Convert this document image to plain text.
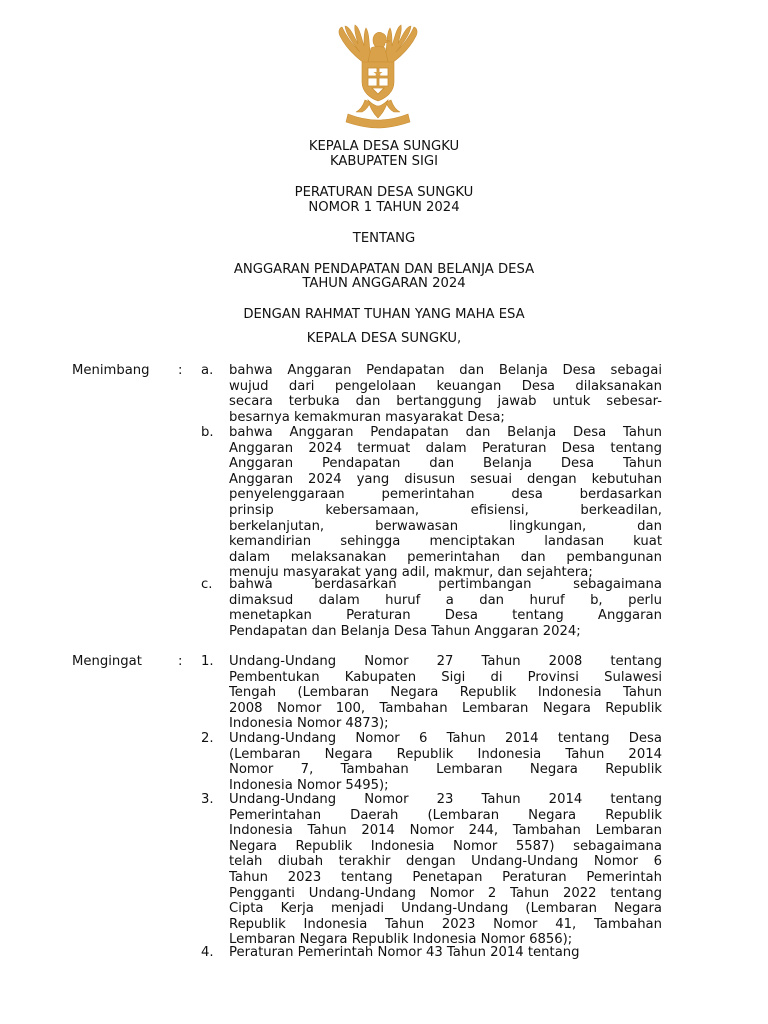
KEPALA DESA SUNGKU
KABUPATEN SIGI
PERATURAN DESA SUNGKU
NOMOR 1 TAHUN 2024
TENTANG
ANGGARAN PENDAPATAN DAN BELANJA DESA
TAHUN ANGGARAN 2024
DENGAN RAHMAT TUHAN YANG MAHA ESA
KEPALA DESA SUNGKU,
Menimbang : a. bahwa Anggaran Pendapatan dan Belanja Desa sebagai
wujud dari pengelolaan keuangan Desa dilaksanakan
secara terbuka dan bertanggung jawab untuk sebesar-
besarnya kemakmuran masyarakat Desa;
b. bahwa Anggaran Pendapatan dan Belanja Desa Tahun
Anggaran 2024 termuat dalam Peraturan Desa tentang
Anggaran Pendapatan dan Belanja Desa Tahun
Anggaran 2024 yang disusun sesuai dengan kebutuhan
penyelenggaraan pemerintahan desa berdasarkan
prinsip kebersamaan, efisiensi, berkeadilan,
berkelanjutan, berwawasan lingkungan, dan
kemandirian sehingga menciptakan landasan kuat
dalam melaksanakan pemerintahan dan pembangunan
menuju masyarakat yang adil, makmur, dan sejahtera;
c. bahwa berdasarkan pertimbangan sebagaimana
dimaksud dalam huruf a dan huruf b, perlu
menetapkan Peraturan Desa tentang Anggaran
Pendapatan dan Belanja Desa Tahun Anggaran 2024;
Mengingat	: 1. Undang-Undang Nomor 27 Tahun 2008 tentang
Pembentukan Kabupaten Sigi di Provinsi Sulawesi
Tengah (Lembaran Negara Republik Indonesia Tahun
2008 Nomor 100, Tambahan Lembaran Negara Republik
Indonesia Nomor 4873);
2. Undang-Undang Nomor 6 Tahun 2014 tentang Desa
(Lembaran Negara Republik Indonesia Tahun 2014
Nomor 7, Tambahan Lembaran Negara Republik
Indonesia Nomor 5495);
3. Undang-Undang Nomor 23 Tahun 2014 tentang
Pemerintahan Daerah (Lembaran Negara Republik
Indonesia Tahun 2014 Nomor 244, Tambahan Lembaran
Negara Republik Indonesia Nomor 5587) sebagaimana
telah diubah terakhir dengan Undang-Undang Nomor 6
Tahun 2023 tentang Penetapan Peraturan Pemerintah
Pengganti Undang-Undang Nomor 2 Tahun 2022 tentang
Cipta Kerja menjadi Undang-Undang (Lembaran Negara
Republik Indonesia Tahun 2023 Nomor 41, Tambahan
Lembaran Negara Republik Indonesia Nomor 6856);
4. Peraturan Pemerintah Nomor 43 Tahun 2014 tentang
